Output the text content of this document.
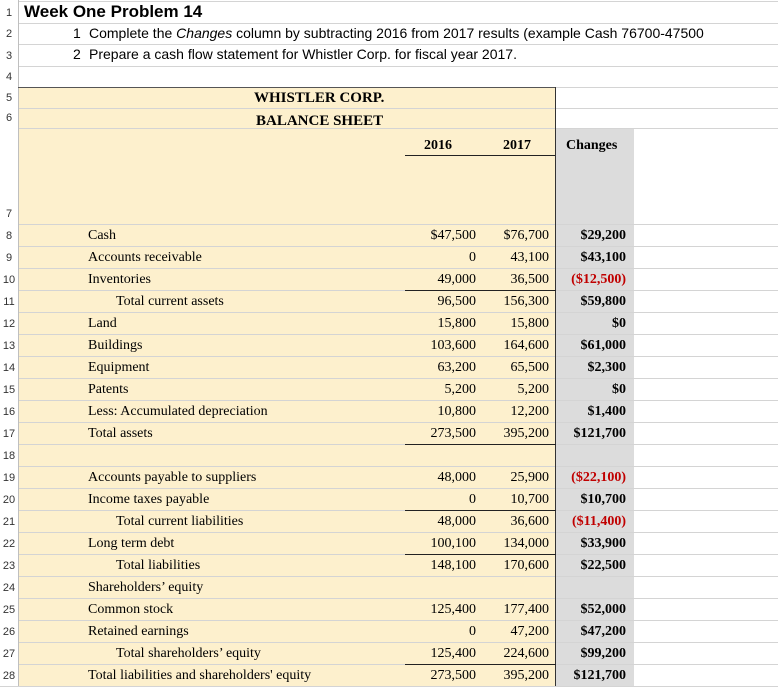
1
2
3
4
5
6
7
8
9
10
11
12
13
14
15
16
17
18
19
20
21
22
23
24
25
26
27
28
Week One Problem 14
1 Complete the Changes column by subtracting 2016 from 2017 results (example Cash 76700-47500
2 Prepare a cash flow statement for Whistler Corp. for fiscal year 2017.
WHISTLER CORP.
BALANCE SHEET
2016	2017	Changes
Cash	$47,500	$76,700	$29,200
Accounts receivable	0	43,100	$43,100
Inventories	49,000	36,500	($12,500)
Total current assets	96,500	156,300	$59,800
Land	15,800	15,800	$0
Buildings	103,600	164,600	$61,000
Equipment	63,200	65,500	$2,300
Patents	5,200	5,200	$0
Less: Accumulated depreciation	10,800	12,200	$1,400
Total assets	273,500	395,200	$121,700
Accounts payable to suppliers	48,000	25,900	($22,100)
Income taxes payable	0	10,700	$10,700
Total current liabilities	48,000	36,600	($11,400)
Long term debt	100,100	134,000	$33,900
Total liabilities	148,100	170,600	$22,500
Shareholders’ equity
Common stock	125,400	177,400	$52,000
Retained earnings	0	47,200	$47,200
Total shareholders’ equity	125,400	224,600	$99,200
Total liabilities and shareholders' equity	273,500	395,200	$121,700
